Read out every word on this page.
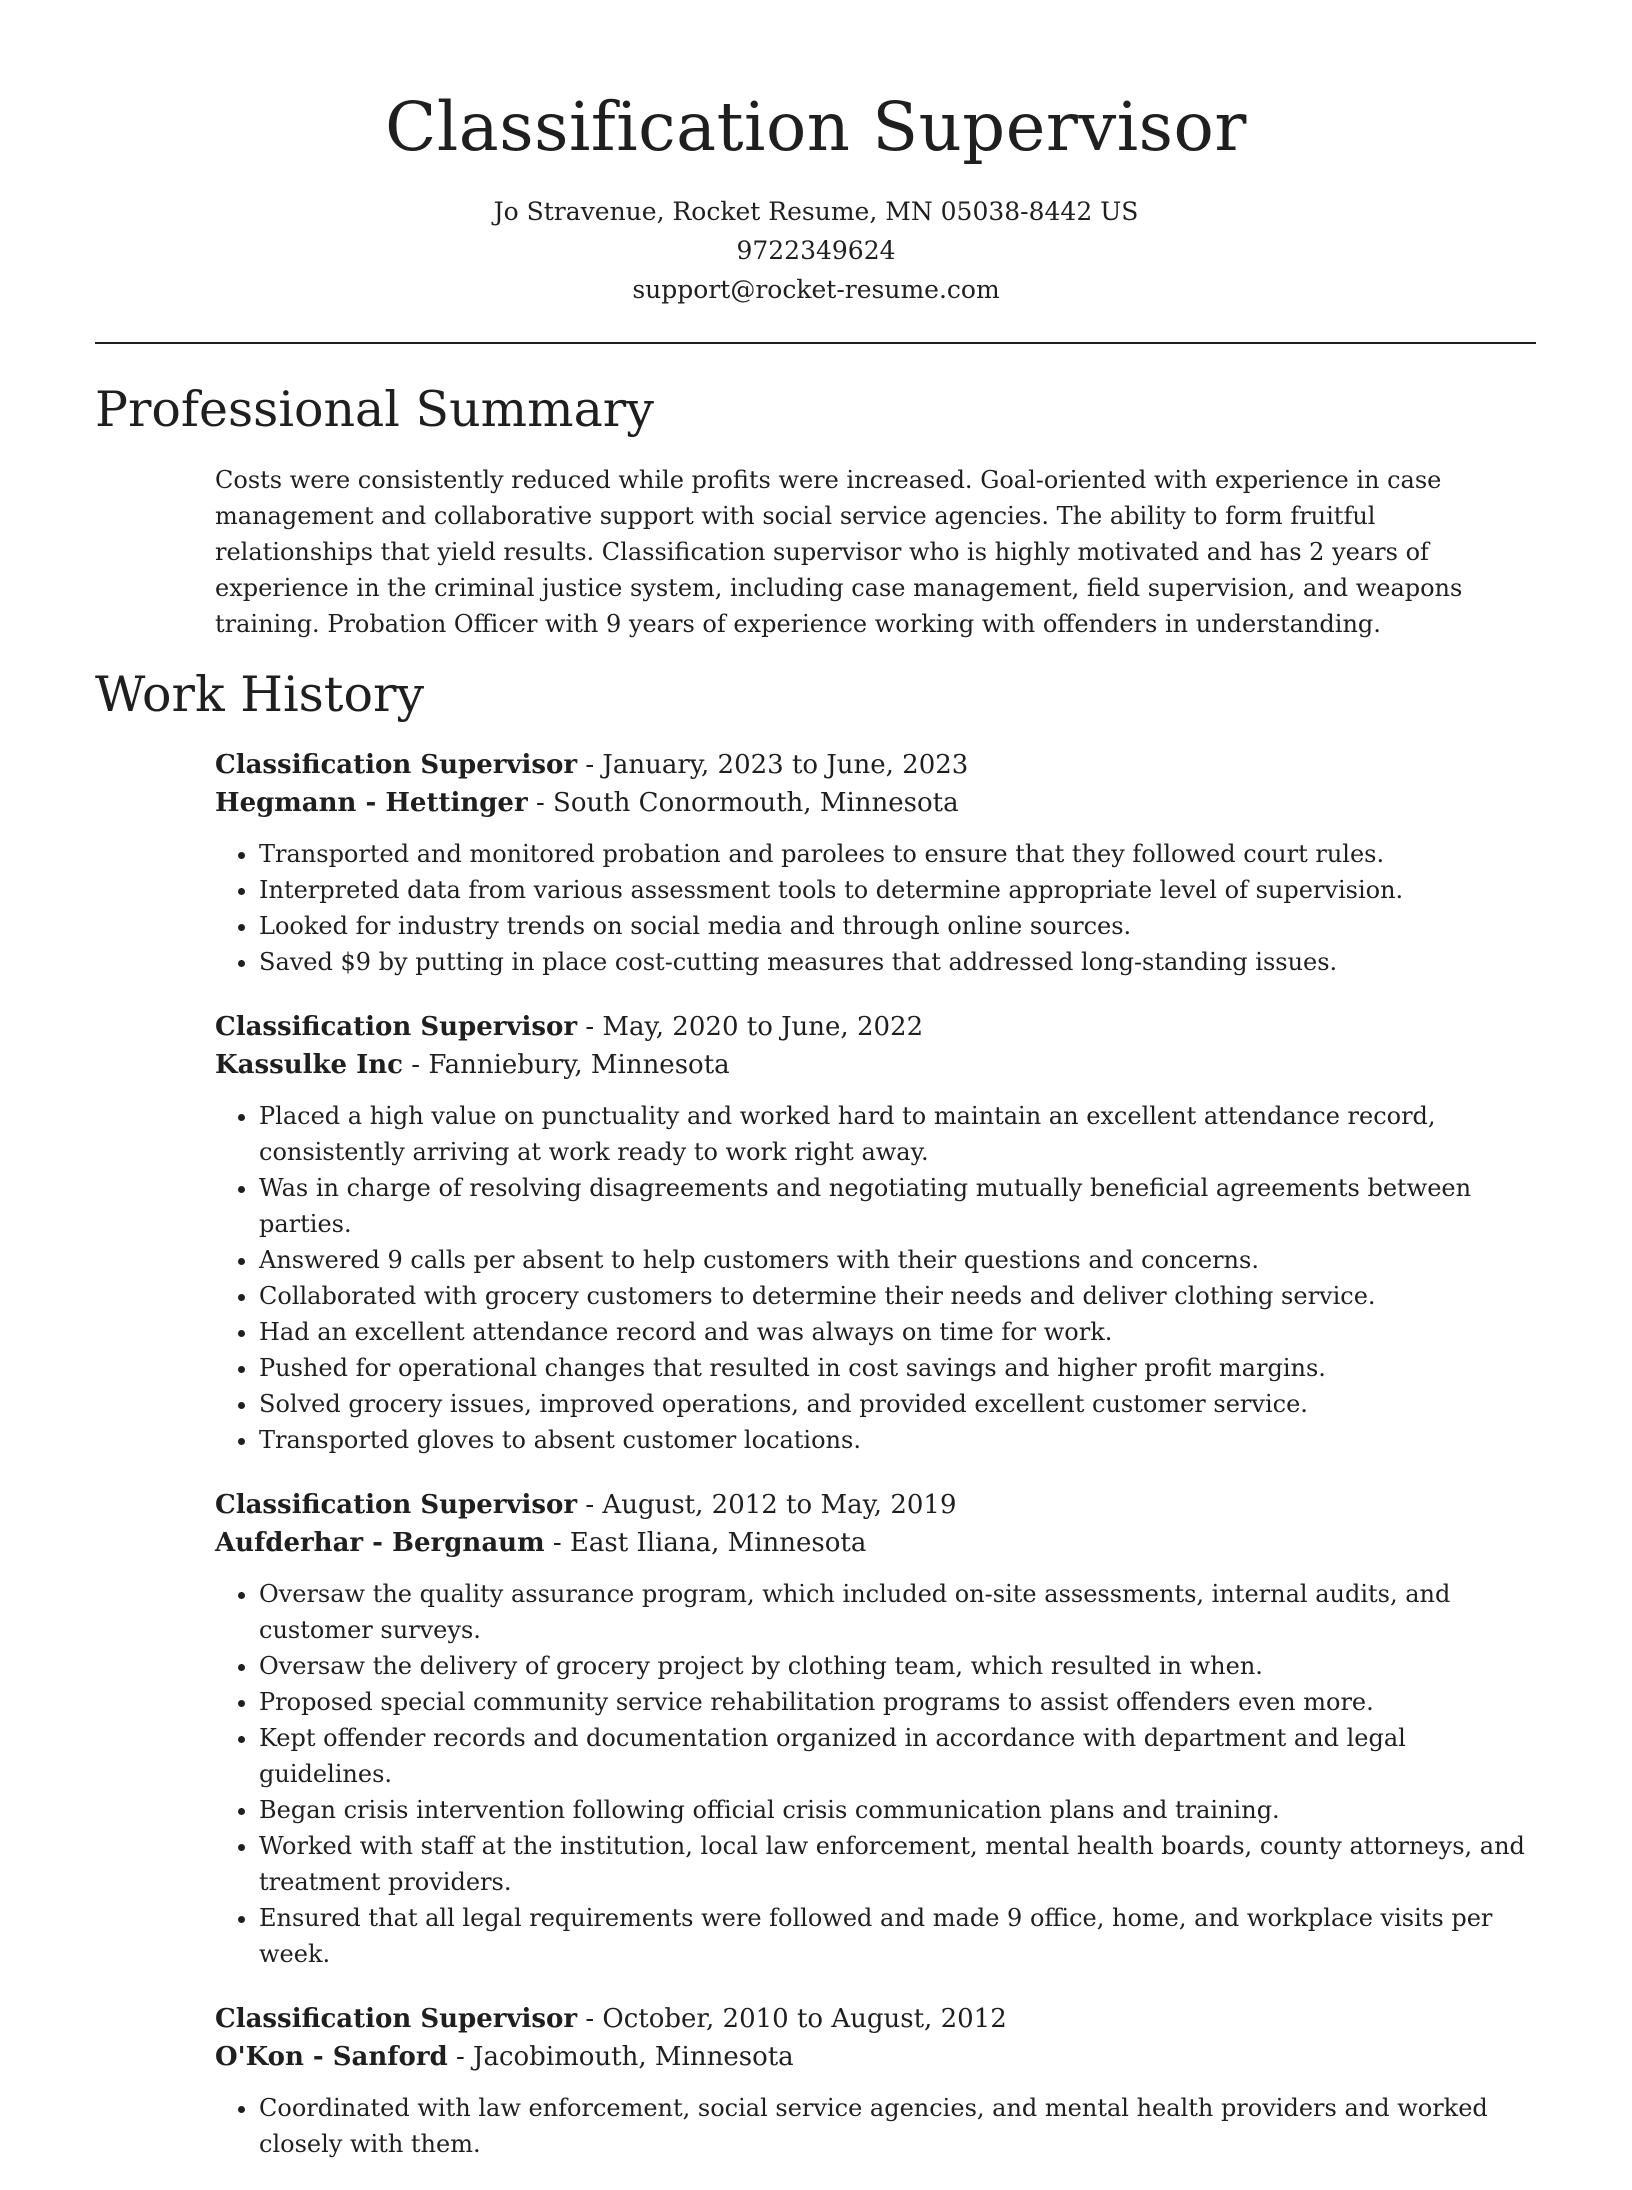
Classification Supervisor
Jo Stravenue, Rocket Resume, MN 05038-8442 US
9722349624
support@rocket-resume.com
Professional Summary

Costs were consistently reduced while profits were increased. Goal-oriented with experience in case management and collaborative support with social service agencies. The ability to form fruitful relationships that yield results. Classification supervisor who is highly motivated and has 2 years of experience in the criminal justice system, including case management, field supervision, and weapons training. Probation Officer with 9 years of experience working with offenders in understanding.

Work History
Classification Supervisor - January, 2023 to June, 2023
Hegmann - Hettinger - South Conormouth, Minnesota
• Transported and monitored probation and parolees to ensure that they followed court rules.
• Interpreted data from various assessment tools to determine appropriate level of supervision.
• Looked for industry trends on social media and through online sources.
• Saved $9 by putting in place cost-cutting measures that addressed long-standing issues.
Classification Supervisor - May, 2020 to June, 2022
Kassulke Inc - Fanniebury, Minnesota
• Placed a high value on punctuality and worked hard to maintain an excellent attendance record, consistently arriving at work ready to work right away.
• Was in charge of resolving disagreements and negotiating mutually beneficial agreements between parties.
• Answered 9 calls per absent to help customers with their questions and concerns.
• Collaborated with grocery customers to determine their needs and deliver clothing service.
• Had an excellent attendance record and was always on time for work.
• Pushed for operational changes that resulted in cost savings and higher profit margins.
• Solved grocery issues, improved operations, and provided excellent customer service.
• Transported gloves to absent customer locations.
Classification Supervisor - August, 2012 to May, 2019
Aufderhar - Bergnaum - East Iliana, Minnesota
• Oversaw the quality assurance program, which included on-site assessments, internal audits, and customer surveys.
• Oversaw the delivery of grocery project by clothing team, which resulted in when.
• Proposed special community service rehabilitation programs to assist offenders even more.
• Kept offender records and documentation organized in accordance with department and legal guidelines.
• Began crisis intervention following official crisis communication plans and training.
• Worked with staff at the institution, local law enforcement, mental health boards, county attorneys, and treatment providers.
• Ensured that all legal requirements were followed and made 9 office, home, and workplace visits per week.
Classification Supervisor - October, 2010 to August, 2012
O'Kon - Sanford - Jacobimouth, Minnesota
• Coordinated with law enforcement, social service agencies, and mental health providers and worked closely with them.
